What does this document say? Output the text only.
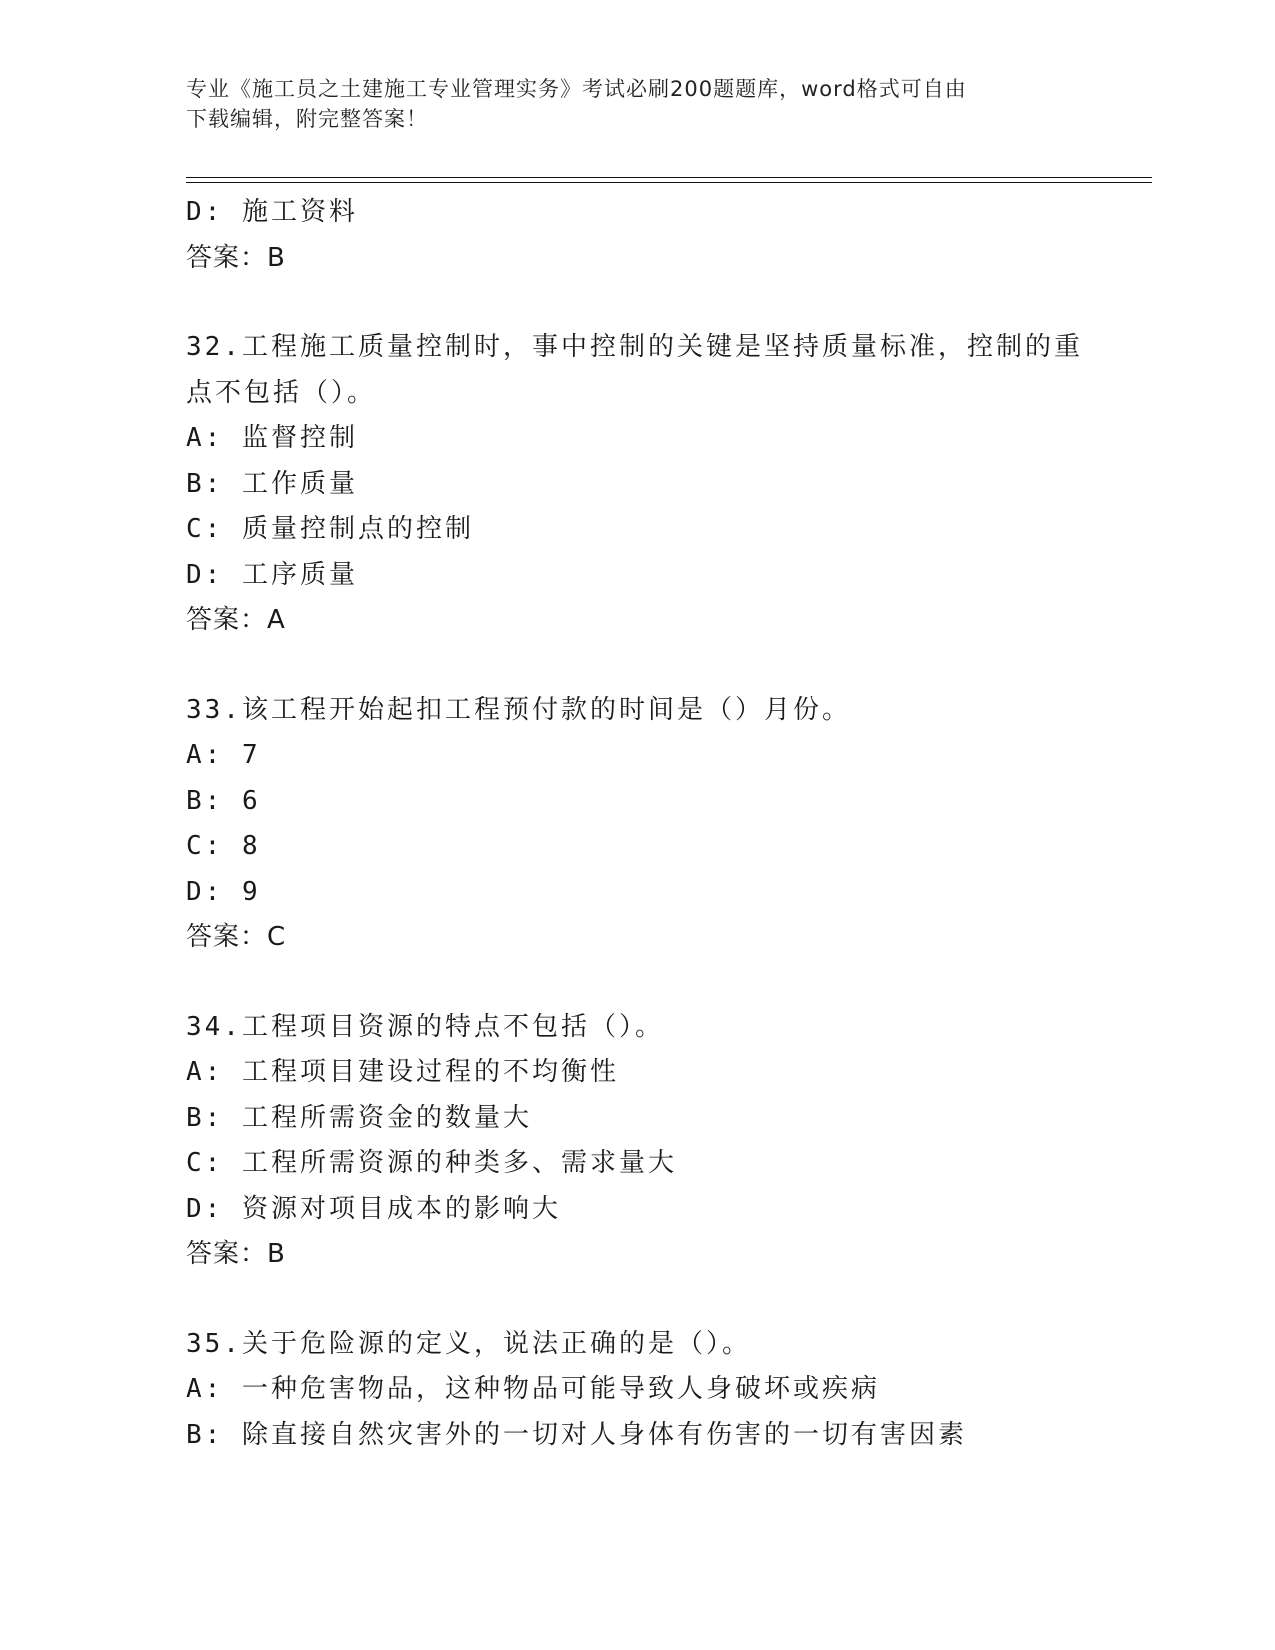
专业《施工员之土建施工专业管理实务》考试必刷200题题库，word格式可自由
下载编辑，附完整答案！
D: 施工资料
答案：B
32.工程施工质量控制时，事中控制的关键是坚持质量标准，控制的重
点不包括（）。
A: 监督控制
B: 工作质量
C: 质量控制点的控制
D: 工序质量
答案：A
33.该工程开始起扣工程预付款的时间是（）月份。
A: 7
B: 6
C: 8
D: 9
答案：C
34.工程项目资源的特点不包括（）。
A: 工程项目建设过程的不均衡性
B: 工程所需资金的数量大
C: 工程所需资源的种类多、需求量大
D: 资源对项目成本的影响大
答案：B
35.关于危险源的定义，说法正确的是（）。
A: 一种危害物品，这种物品可能导致人身破坏或疾病
B: 除直接自然灾害外的一切对人身体有伤害的一切有害因素
